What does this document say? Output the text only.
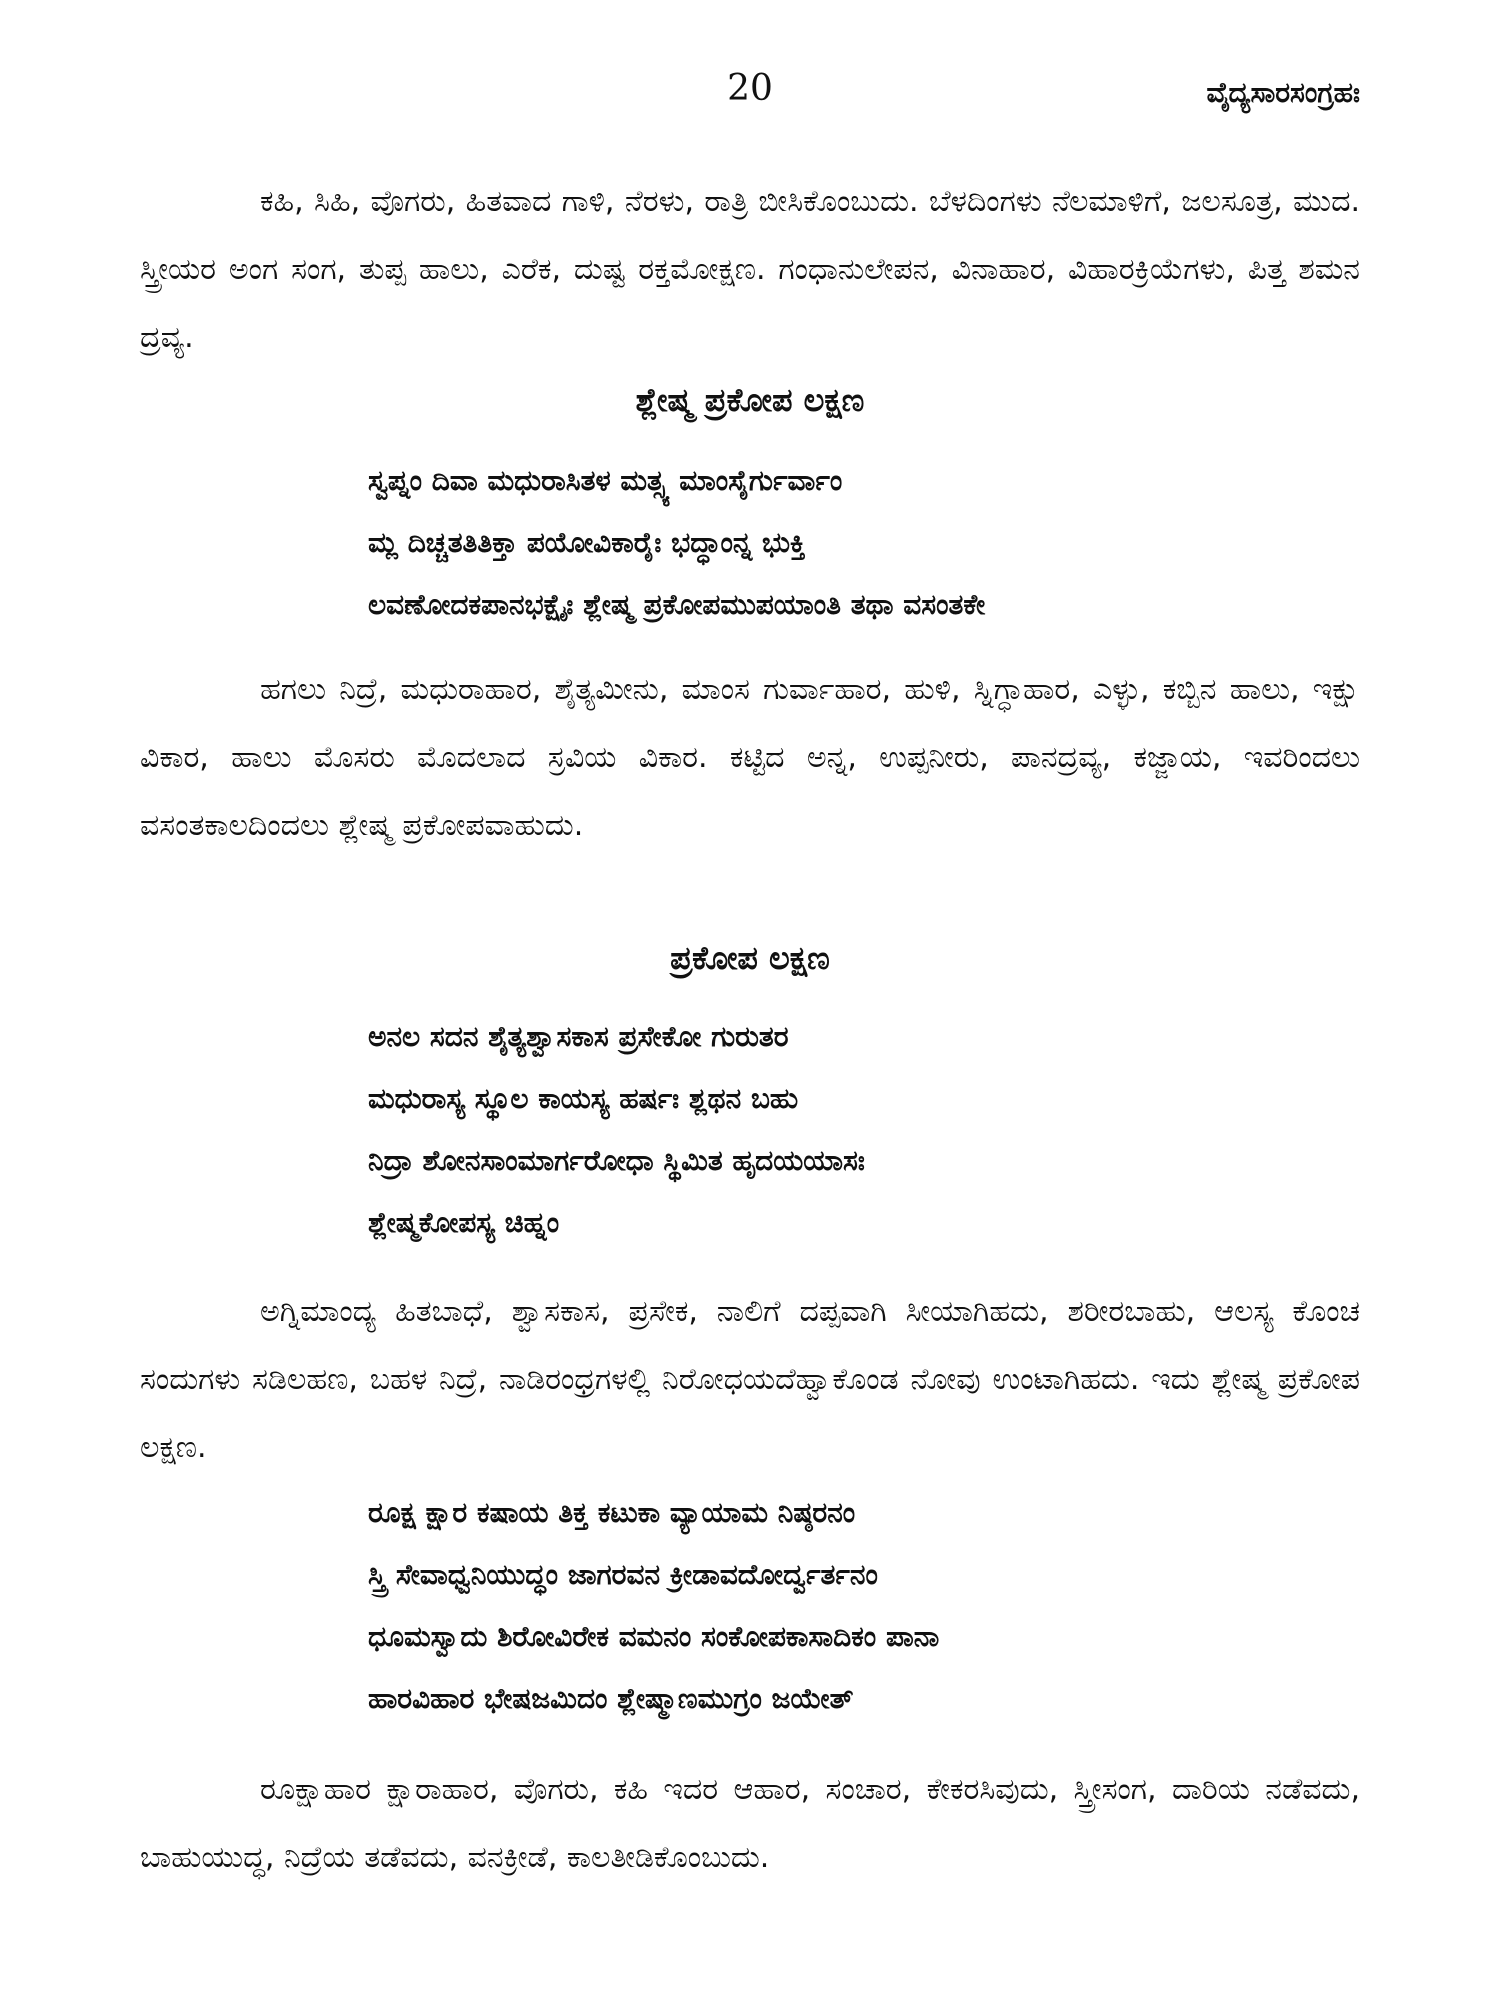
20	ವೈದ್ಯಸಾರಸಂಗ್ರಹಃ

ಕಹಿ, ಸಿಹಿ, ವೊಗರು, ಹಿತವಾದ ಗಾಳಿ, ನೆರಳು, ರಾತ್ರಿ ಬೀಸಿಕೊಂಬುದು. ಬೆಳದಿಂಗಳು ನೆಲಮಾಳಿಗೆ, ಜಲಸೂತ್ರ, ಮುದ. ಸ್ತ್ರೀಯರ ಅಂಗ ಸಂಗ, ತುಪ್ಪ ಹಾಲು, ಎರೆಕ, ದುಷ್ಟ ರಕ್ತಮೋಕ್ಷಣ. ಗಂಧಾನುಲೇಪನ, ವಿನಾಹಾರ, ವಿಹಾರಕ್ರಿಯೆಗಳು, ಪಿತ್ತ ಶಮನ ದ್ರವ್ಯ.

ಶ್ಲೇಷ್ಮ ಪ್ರಕೋಪ ಲಕ್ಷಣ

ಸ್ವಪ್ನಂ ದಿವಾ ಮಧುರಾಸಿತಳ ಮತ್ಸ್ಯ ಮಾಂಸೈರ್ಗುರ್ವಾಂ

ಮ್ಲ ದಿಚ್ಚತತಿತಿಕ್ತಾ ಪಯೋವಿಕಾರೈಃ ಭದ್ಧಾಂನ್ನ ಭುಕ್ತಿ

ಲವಣೋದಕಪಾನಭಕ್ಷೈಃ ಶ್ಲೇಷ್ಮ ಪ್ರಕೋಪಮುಪಯಾಂತಿ ತಥಾ ವಸಂತಕೇ

ಹಗಲು ನಿದ್ರೆ, ಮಧುರಾಹಾರ, ಶೈತ್ಯಮೀನು, ಮಾಂಸ ಗುರ್ವಾಹಾರ, ಹುಳಿ, ಸ್ನಿಗ್ಧಾಹಾರ, ಎಳ್ಳು, ಕಬ್ಬಿನ ಹಾಲು, ಇಕ್ಷು ವಿಕಾರ, ಹಾಲು ಮೊಸರು ಮೊದಲಾದ ಸ್ರವಿಯ ವಿಕಾರ. ಕಟ್ಟಿದ ಅನ್ನ, ಉಪ್ಪನೀರು, ಪಾನದ್ರವ್ಯ, ಕಜ್ಜಾಯ, ಇವರಿಂದಲು ವಸಂತಕಾಲದಿಂದಲು ಶ್ಲೇಷ್ಮ ಪ್ರಕೋಪವಾಹುದು.

ಪ್ರಕೋಪ ಲಕ್ಷಣ

ಅನಲ ಸದನ ಶೈತ್ಯಶ್ವಾಸಕಾಸ ಪ್ರಸೇಕೋ ಗುರುತರ

ಮಧುರಾಸ್ಯ ಸ್ಥೂಲ ಕಾಯಸ್ಯ ಹರ್ಷಃ ಶ್ಲಥನ ಬಹು

ನಿದ್ರಾ ಶೋನಸಾಂಮಾರ್ಗರೋಧಾ ಸ್ಥಿಮಿತ ಹೃದಯಯಾಸಃ

ಶ್ಲೇಷ್ಮಕೋಪಸ್ಯ ಚಿಹ್ನಂ

ಅಗ್ನಿಮಾಂದ್ಯ ಹಿತಬಾಧೆ, ಶ್ವಾಸಕಾಸ, ಪ್ರಸೇಕ, ನಾಲಿಗೆ ದಪ್ಪವಾಗಿ ಸೀಯಾಗಿಹದು, ಶರೀರಬಾಹು, ಆಲಸ್ಯ ಕೊಂಚ ಸಂದುಗಳು ಸಡಿಲಹಣ, ಬಹಳ ನಿದ್ರೆ, ನಾಡಿರಂಧ್ರಗಳಲ್ಲಿ ನಿರೋಧಯದೆಹ್ವಾಕೊಂಡ ನೋವು ಉಂಟಾಗಿಹದು. ಇದು ಶ್ಲೇಷ್ಮ ಪ್ರಕೋಪ ಲಕ್ಷಣ.

ರೂಕ್ಷ ಕ್ಷಾರ ಕಷಾಯ ತಿಕ್ತ ಕಟುಕಾ ವ್ಯಾಯಾಮ ನಿಷ್ಠರನಂ

ಸ್ತ್ರಿ ಸೇವಾಧ್ವನಿಯುದ್ಧಂ ಜಾಗರವನ ಕ್ರೀಡಾವದೋರ್ದ್ವರ್ತನಂ

ಧೂಮಸ್ವಾದು ಶಿರೋವಿರೇಕ ವಮನಂ ಸಂಕೋಪಕಾಸಾದಿಕಂ ಪಾನಾ

ಹಾರವಿಹಾರ ಭೇಷಜಮಿದಂ ಶ್ಲೇಷ್ಮಾಣಮುಗ್ರಂ ಜಯೇತ್

ರೂಕ್ಷಾಹಾರ ಕ್ಷಾರಾಹಾರ, ವೊಗರು, ಕಹಿ ಇದರ ಆಹಾರ, ಸಂಚಾರ, ಕೇಕರಸಿವುದು, ಸ್ತ್ರೀಸಂಗ, ದಾರಿಯ ನಡೆವದು, ಬಾಹುಯುದ್ಧ, ನಿದ್ರೆಯ ತಡೆವದು, ವನಕ್ರೀಡೆ, ಕಾಲತೀಡಿಕೊಂಬುದು.
